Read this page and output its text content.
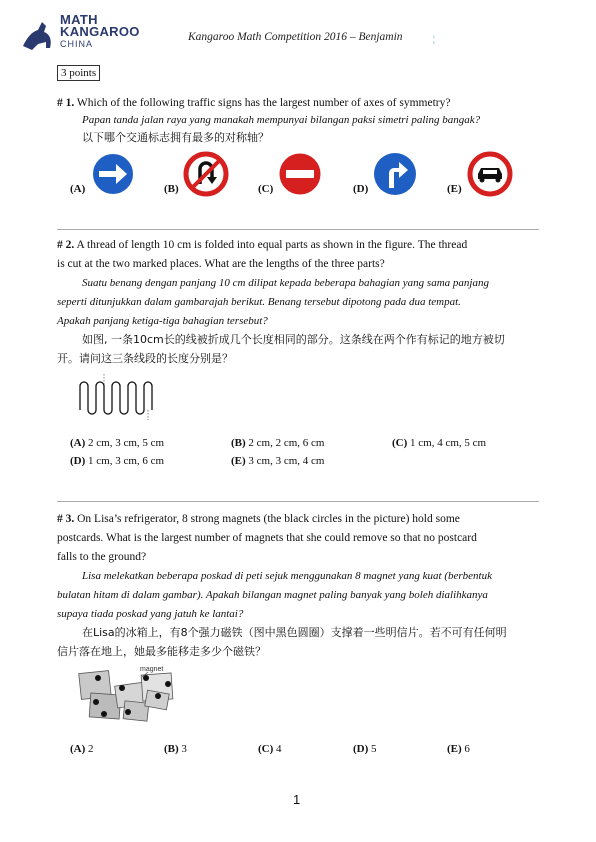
MATH
KANGAROO
CHINA
Kangaroo Math Competition 2016 – Benjamin	¦
3 points
# 1. Which of the following traffic signs has the largest number of axes of symmetry?
Papan tanda jalan raya yang manakah mempunyai bilangan paksi simetri paling bangak?
以下哪个交通标志拥有最多的对称轴？
(A)	(B)	(C)	(D)	(E)
# 2. A thread of length 10 cm is folded into equal parts as shown in the figure. The thread
is cut at the two marked places. What are the lengths of the three parts?
Suatu benang dengan panjang 10 cm dilipat kepada beberapa bahagian yang sama panjang
seperti ditunjukkan dalam gambarajah berikut. Benang tersebut dipotong pada dua tempat.
Apakah panjang ketiga-tiga bahagian tersebut?
如图, 一条10cm长的线被折成几个长度相同的部分。这条线在两个作有标记的地方被切
开。请问这三条线段的长度分别是？
(A) 2 cm, 3 cm, 5 cm	(B) 2 cm, 2 cm, 6 cm	(C) 1 cm, 4 cm, 5 cm
(D) 1 cm, 3 cm, 6 cm	(E) 3 cm, 3 cm, 4 cm
# 3. On Lisa’s refrigerator, 8 strong magnets (the black circles in the picture) hold some
postcards. What is the largest number of magnets that she could remove so that no postcard
falls to the ground?
Lisa melekatkan beberapa poskad di peti sejuk menggunakan 8 magnet yang kuat (berbentuk
bulatan hitam di dalam gambar). Apakah bilangan magnet paling banyak yang boleh dialihkanya
supaya tiada poskad yang jatuh ke lantai?
在Lisa的冰箱上，有8个强力磁铁（图中黑色圆圈）支撑着一些明信片。若不可有任何明
信片落在地上，她最多能移走多少个磁铁？
magnet
(A) 2	(B) 3	(C) 4	(D) 5	(E) 6
1
